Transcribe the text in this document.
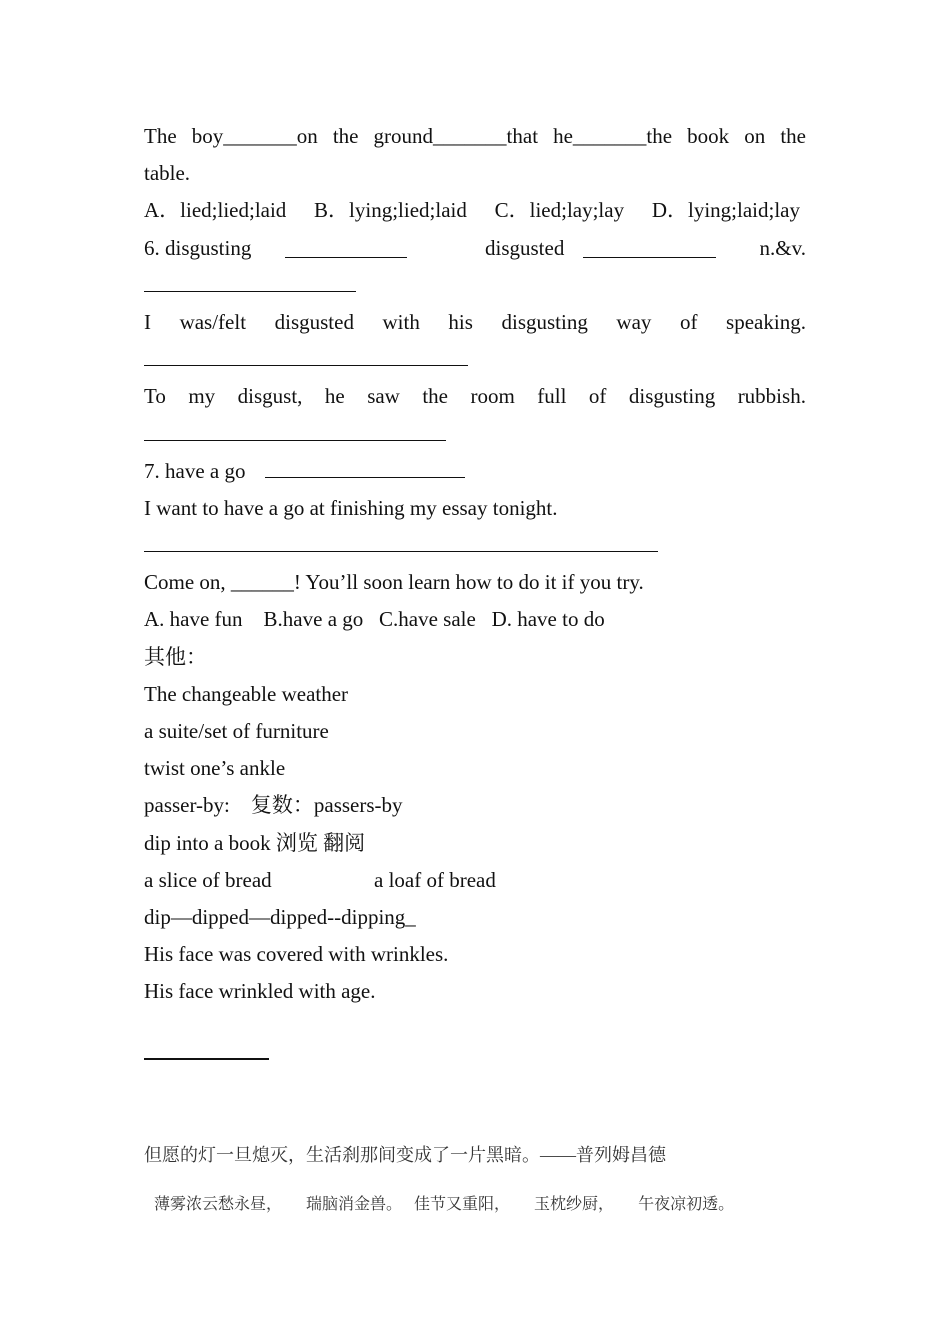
The boy_______on the ground_______that he_______the book on the
table.
A．lied;lied;laid B．lying;lied;laid C．lied;lay;lay D．lying;laid;lay
6. disgusting	disgusted	n.&v.
I was/felt disgusted with his disgusting way of speaking.
To my disgust, he saw the room full of disgusting rubbish.
7. have a go
I want to have a go at finishing my essay tonight.
Come on, ______! You’ll soon learn how to do it if you try.
A. have fun    B.have a go   C.have sale   D. have to do
其他：
The changeable weather
a suite/set of furniture
twist one’s ankle
passer-by:    复数：passers-by
dip into a book 浏览 翻阅
a slice of bread	a loaf of bread
dip—dipped—dipped--dipping_
His face was covered with wrinkles.
His face wrinkled with age.
但愿的灯一旦熄灭，生活刹那间变成了一片黑暗。——普列姆昌德
薄雾浓云愁永昼， 瑞脑消金兽。 佳节又重阳， 玉枕纱厨， 午夜凉初透。
